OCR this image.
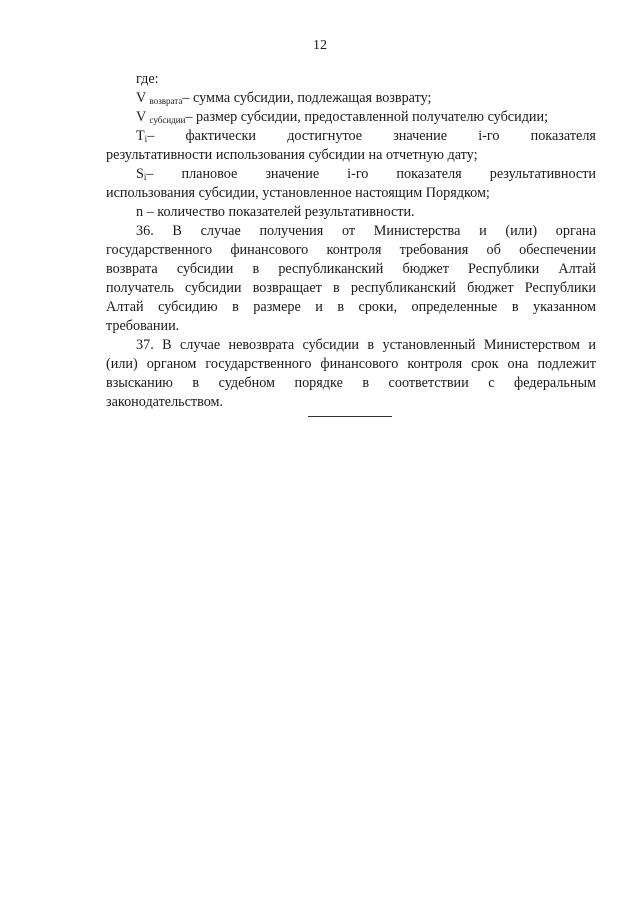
12
где:
V $_{возврата}$– сумма субсидии, подлежащая возврату;
V $_{субсидии}$– размер субсидии, предоставленной получателю субсидии;
$T_i-$ фактически достигнутое значение i-го показателя
результативности использования субсидии на отчетную дату;
$S_i-$ плановое значение i-го показателя результативности
использования субсидии, установленное настоящим Порядком;
n – количество показателей результативности.
36. В случае получения от Министерства и (или) органа
государственного финансового контроля требования об обеспечении
возврата субсидии в республиканский бюджет Республики Алтай
получатель субсидии возвращает в республиканский бюджет Республики
Алтай субсидию в размере и в сроки, определенные в указанном
требовании.
37. В случае невозврата субсидии в установленный Министерством и
(или) органом государственного финансового контроля срок она подлежит
взысканию в судебном порядке в соответствии с федеральным
законодательством.
